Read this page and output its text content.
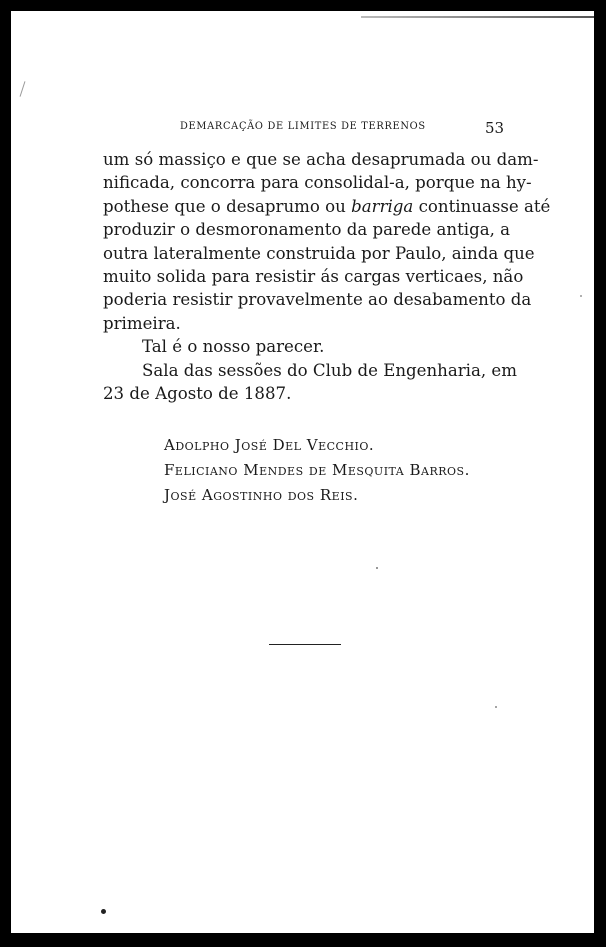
DEMARCAÇÃO DE LIMITES DE TERRENOS	53
um só massiço e que se acha desaprumada ou dam-
nificada, concorra para consolidal-a, porque na hy-
pothese que o desaprumo ou barriga continuasse até
produzir o desmoronamento da parede antiga, a
outra lateralmente construida por Paulo, ainda que
muito solida para resistir ás cargas verticaes, não
poderia resistir provavelmente ao desabamento da
primeira.
Tal é o nosso parecer.
Sala das sessões do Club de Engenharia, em
23 de Agosto de 1887.
Adolpho José Del Vecchio.
Feliciano Mendes de Mesquita Barros.
José Agostinho dos Reis.
